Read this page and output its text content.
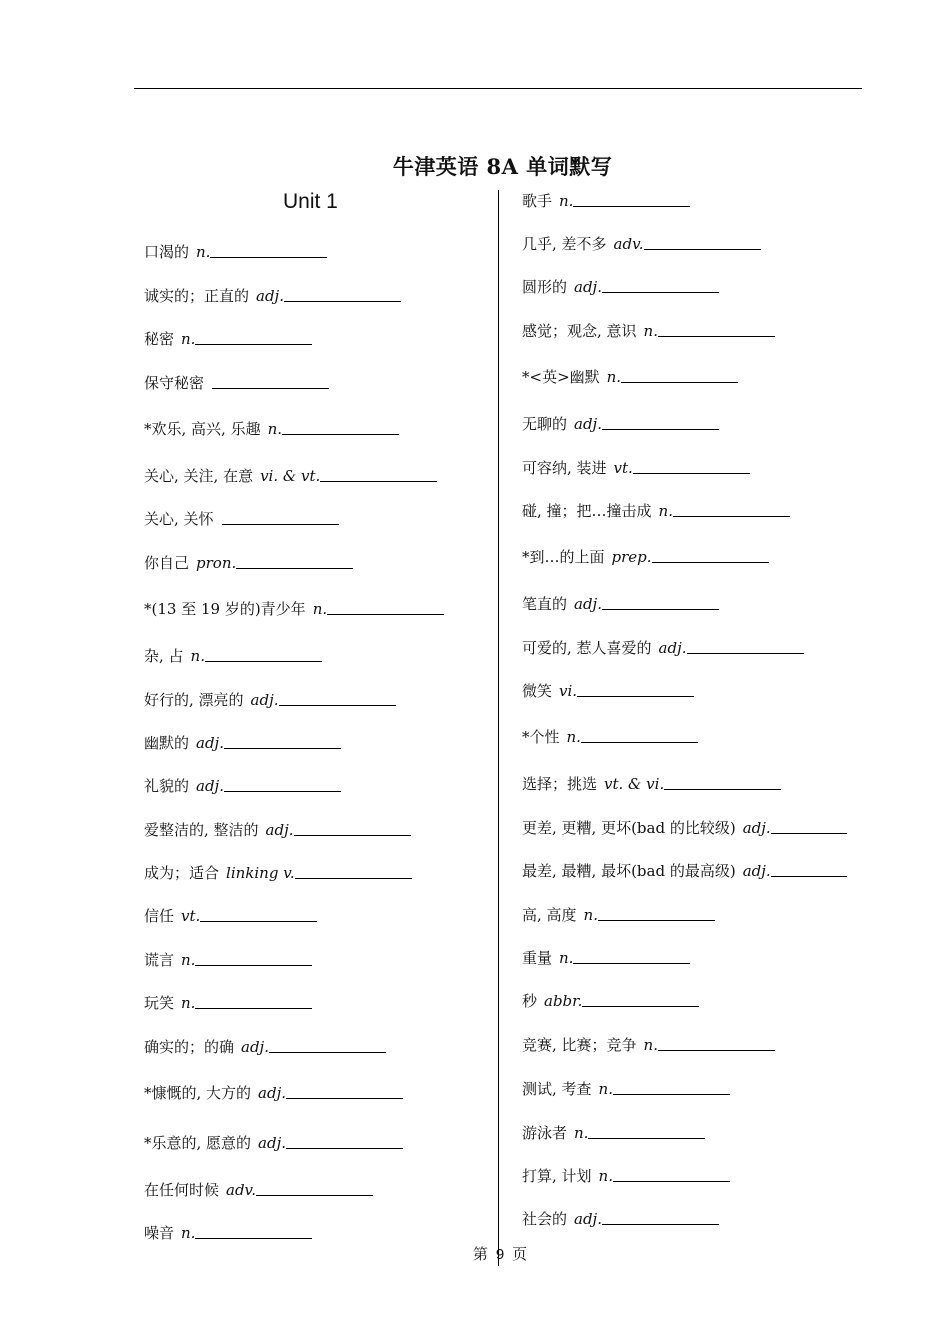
牛津英语 8A 单词默写
Unit 1
口渴的 n.
诚实的；正直的 adj.
秘密 n.
保守秘密
*欢乐, 高兴, 乐趣 n.
关心, 关注, 在意 vi. & vt.
关心, 关怀
你自己 pron.
*(13 至 19 岁的)青少年 n.
杂, 占 n.
好行的, 漂亮的 adj.
幽默的 adj.
礼貌的 adj.
爱整洁的, 整洁的 adj.
成为；适合 linking v.
信任 vt.
谎言 n.
玩笑 n.
确实的；的确 adj.
*慷慨的, 大方的 adj.
*乐意的, 愿意的 adj.
在任何时候 adv.
噪音 n.
歌手 n.
几乎, 差不多 adv.
圆形的 adj.
感觉；观念, 意识 n.
*<英>幽默 n.
无聊的 adj.
可容纳, 装进 vt.
碰, 撞；把…撞击成 n.
*到…的上面 prep.
笔直的 adj.
可爱的, 惹人喜爱的 adj.
微笑 vi.
*个性 n.
选择；挑选 vt. & vi.
更差, 更糟, 更坏(bad 的比较级) adj.
最差, 最糟, 最坏(bad 的最高级) adj.
高, 高度 n.
重量 n.
秒 abbr.
竞赛, 比赛；竞争 n.
测试, 考查 n.
游泳者 n.
打算, 计划 n.
社会的 adj.
第 9 页
